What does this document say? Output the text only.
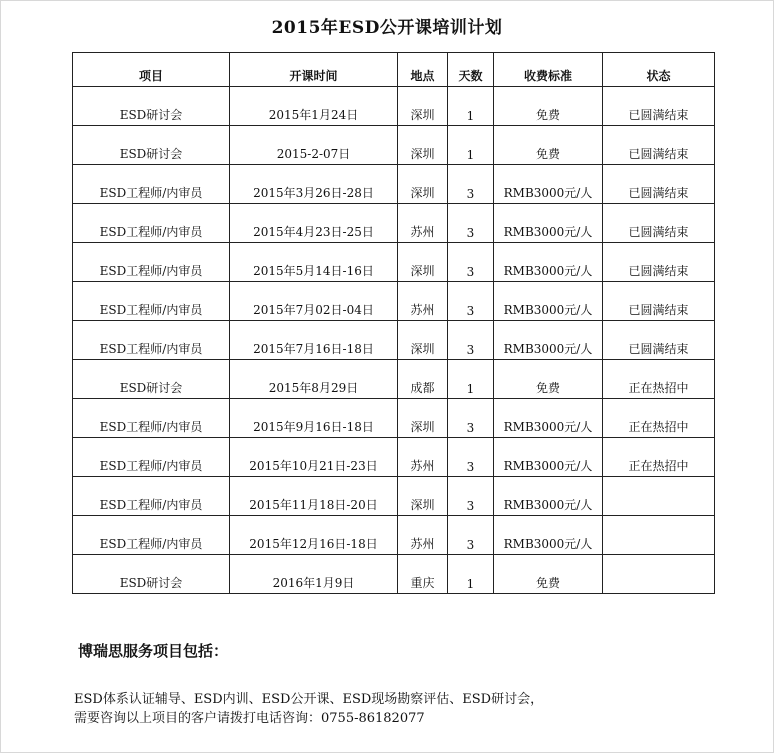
2015年ESD公开课培训计划
项目	开课时间	地点	天数	收费标准	状态
ESD研讨会	2015年1月24日	深圳	1	免费	已圆满结束
ESD研讨会	2015-2-07日	深圳	1	免费	已圆满结束
ESD工程师/内审员	2015年3月26日-28日	深圳	3	RMB3000元/人	已圆满结束
ESD工程师/内审员	2015年4月23日-25日	苏州	3	RMB3000元/人	已圆满结束
ESD工程师/内审员	2015年5月14日-16日	深圳	3	RMB3000元/人	已圆满结束
ESD工程师/内审员	2015年7月02日-04日	苏州	3	RMB3000元/人	已圆满结束
ESD工程师/内审员	2015年7月16日-18日	深圳	3	RMB3000元/人	已圆满结束
ESD研讨会	2015年8月29日	成都	1	免费	正在热招中
ESD工程师/内审员	2015年9月16日-18日	深圳	3	RMB3000元/人	正在热招中
ESD工程师/内审员	2015年10月21日-23日	苏州	3	RMB3000元/人	正在热招中
ESD工程师/内审员	2015年11月18日-20日	深圳	3	RMB3000元/人	
ESD工程师/内审员	2015年12月16日-18日	苏州	3	RMB3000元/人	
ESD研讨会	2016年1月9日	重庆	1	免费	
博瑞思服务项目包括：
ESD体系认证辅导、ESD内训、ESD公开课、ESD现场勘察评估、ESD研讨会，
需要咨询以上项目的客户请拨打电话咨询：0755-86182077
